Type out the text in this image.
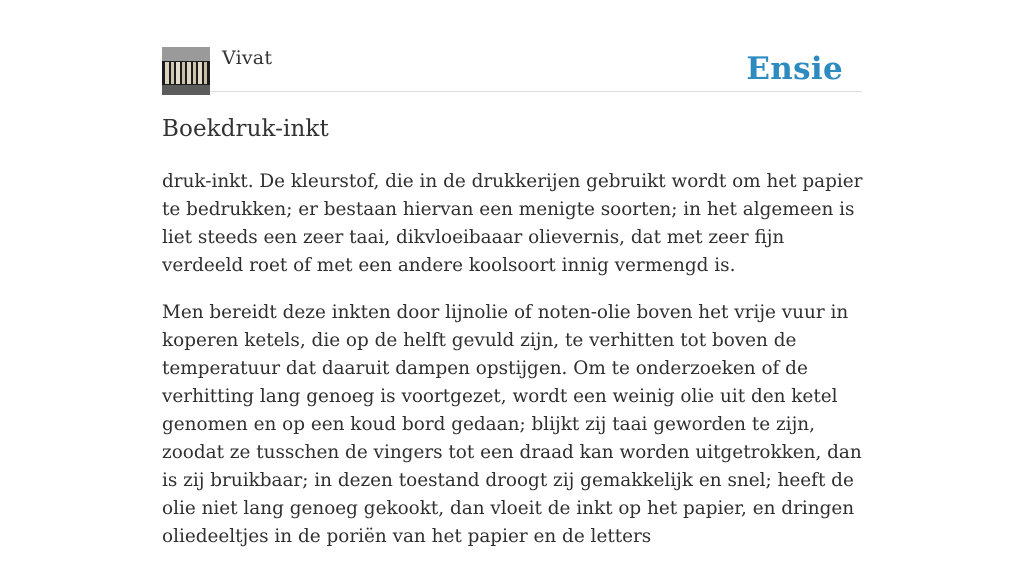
Vivat	Ensie
Boekdruk-inkt

druk-inkt. De kleurstof, die in de drukkerijen gebruikt wordt om het papier te bedrukken; er bestaan hiervan een menigte soorten; in het algemeen is liet steeds een zeer taai, dikvloeibaaar olievernis, dat met zeer fijn verdeeld roet of met een andere koolsoort innig vermengd is.

Men bereidt deze inkten door lijnolie of noten-olie boven het vrije vuur in koperen ketels, die op de helft gevuld zijn, te verhitten tot boven de temperatuur dat daaruit dampen opstijgen. Om te onderzoeken of de verhitting lang genoeg is voortgezet, wordt een weinig olie uit den ketel genomen en op een koud bord gedaan; blijkt zij taai geworden te zijn, zoodat ze tusschen de vingers tot een draad kan worden uitgetrokken, dan is zij bruikbaar; in dezen toestand droogt zij gemakkelijk en snel; heeft de olie niet lang genoeg gekookt, dan vloeit de inkt op het papier, en dringen oliedeeltjes in de poriën van het papier en de letters
